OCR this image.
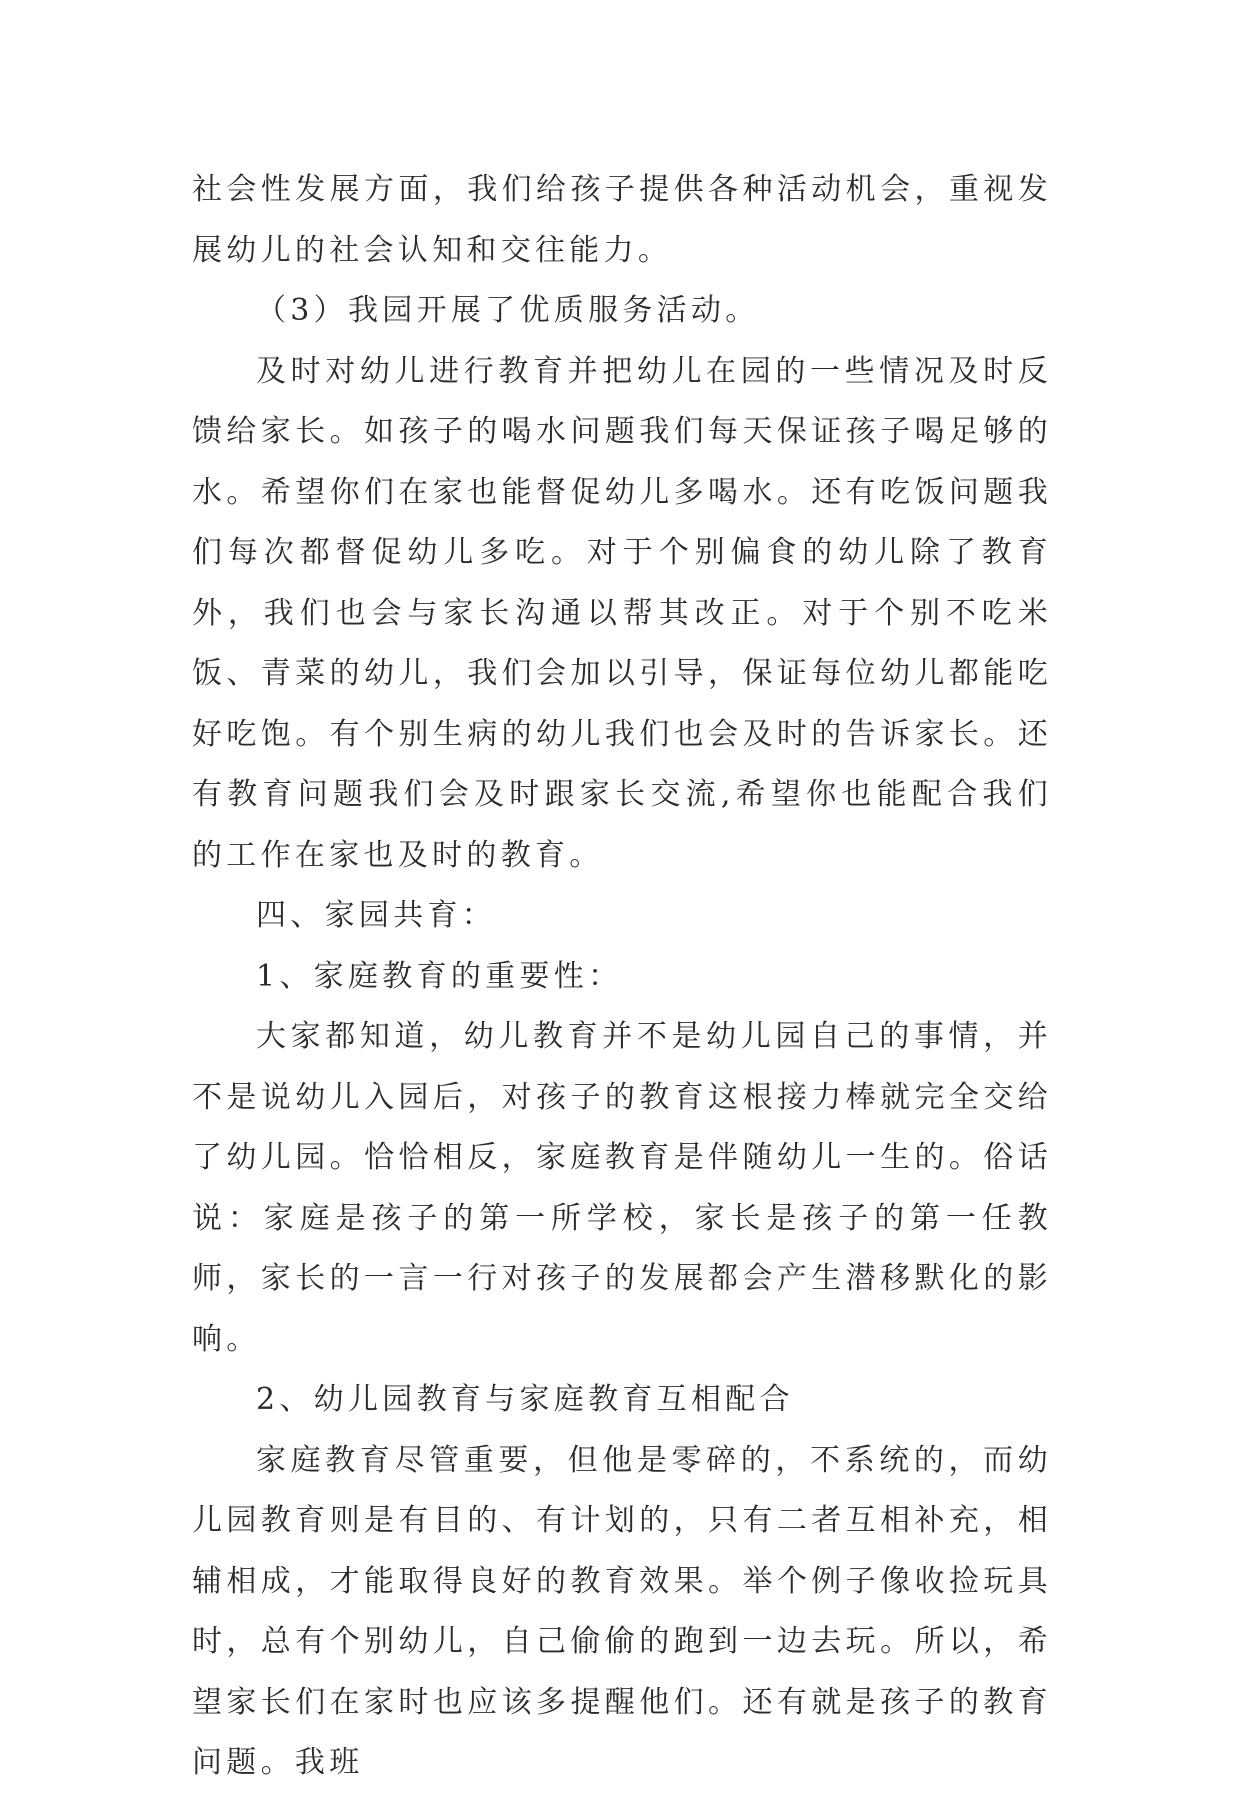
社会性发展方面，我们给孩子提供各种活动机会，重视发展幼儿的社会认知和交往能力。

（3）我园开展了优质服务活动。

及时对幼儿进行教育并把幼儿在园的一些情况及时反馈给家长。如孩子的喝水问题我们每天保证孩子喝足够的水。希望你们在家也能督促幼儿多喝水。还有吃饭问题我们每次都督促幼儿多吃。对于个别偏食的幼儿除了教育外，我们也会与家长沟通以帮其改正。对于个别不吃米饭、青菜的幼儿，我们会加以引导，保证每位幼儿都能吃好吃饱。有个别生病的幼儿我们也会及时的告诉家长。还有教育问题我们会及时跟家长交流,希望你也能配合我们的工作在家也及时的教育。

四、家园共育：

1、家庭教育的重要性：

大家都知道，幼儿教育并不是幼儿园自己的事情，并不是说幼儿入园后，对孩子的教育这根接力棒就完全交给了幼儿园。恰恰相反，家庭教育是伴随幼儿一生的。俗话说：家庭是孩子的第一所学校，家长是孩子的第一任教师，家长的一言一行对孩子的发展都会产生潜移默化的影响。

2、幼儿园教育与家庭教育互相配合

家庭教育尽管重要，但他是零碎的，不系统的，而幼儿园教育则是有目的、有计划的，只有二者互相补充，相辅相成，才能取得良好的教育效果。举个例子像收捡玩具时，总有个别幼儿，自己偷偷的跑到一边去玩。所以，希望家长们在家时也应该多提醒他们。还有就是孩子的教育问题。我班
